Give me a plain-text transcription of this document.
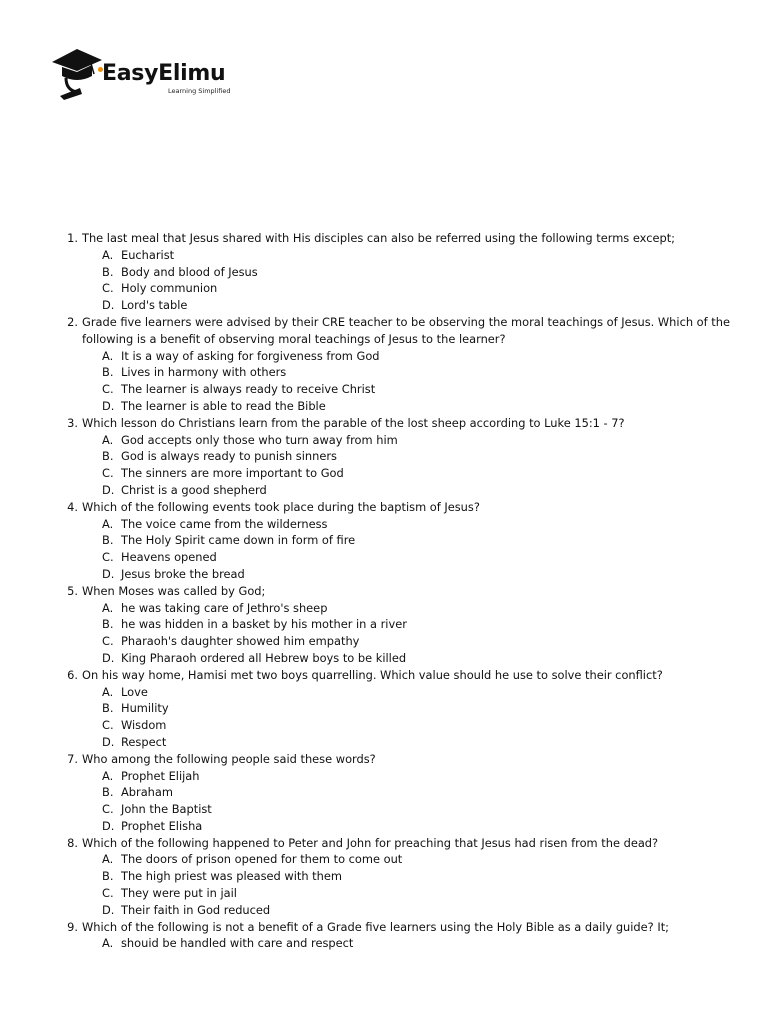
EasyElimu
Learning Simplified
1. The last meal that Jesus shared with His disciples can also be referred using the following terms except;
A. Eucharist
B. Body and blood of Jesus
C. Holy communion
D. Lord's table
2. Grade five learners were advised by their CRE teacher to be observing the moral teachings of Jesus. Which of the following is a benefit of observing moral teachings of Jesus to the learner?
A. It is a way of asking for forgiveness from God
B. Lives in harmony with others
C. The learner is always ready to receive Christ
D. The learner is able to read the Bible
3. Which lesson do Christians learn from the parable of the lost sheep according to Luke 15:1 - 7?
A. God accepts only those who turn away from him
B. God is always ready to punish sinners
C. The sinners are more important to God
D. Christ is a good shepherd
4. Which of the following events took place during the baptism of Jesus?
A. The voice came from the wilderness
B. The Holy Spirit came down in form of fire
C. Heavens opened
D. Jesus broke the bread
5. When Moses was called by God;
A. he was taking care of Jethro's sheep
B. he was hidden in a basket by his mother in a river
C. Pharaoh's daughter showed him empathy
D. King Pharaoh ordered all Hebrew boys to be killed
6. On his way home, Hamisi met two boys quarrelling. Which value should he use to solve their conflict?
A. Love
B. Humility
C. Wisdom
D. Respect
7. Who among the following people said these words?
A. Prophet Elijah
B. Abraham
C. John the Baptist
D. Prophet Elisha
8. Which of the following happened to Peter and John for preaching that Jesus had risen from the dead?
A. The doors of prison opened for them to come out
B. The high priest was pleased with them
C. They were put in jail
D. Their faith in God reduced
9. Which of the following is not a benefit of a Grade five learners using the Holy Bible as a daily guide? It;
A. shouid be handled with care and respect
